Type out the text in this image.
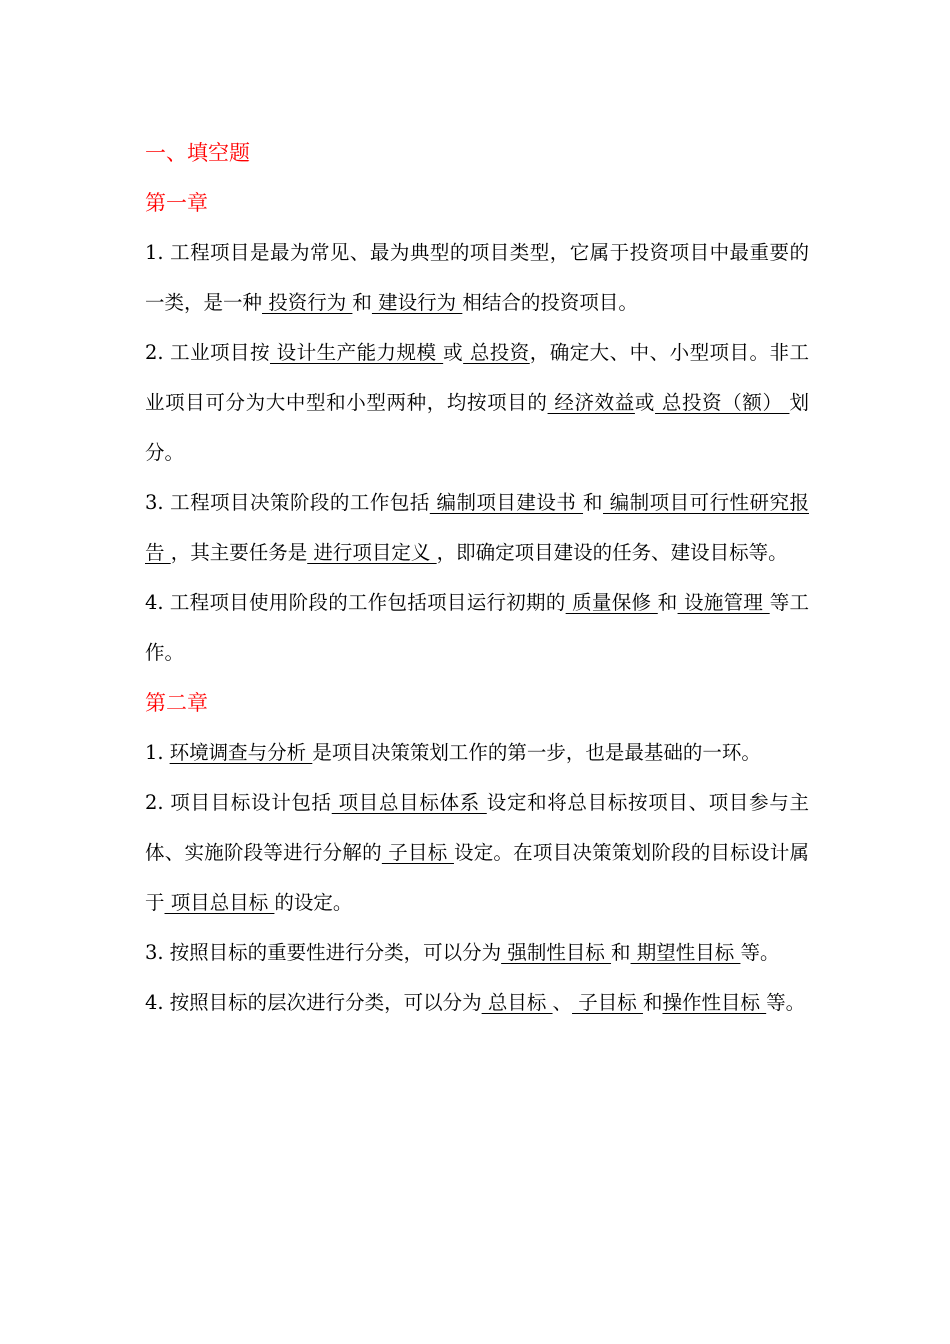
一、填空题
第一章

1. 工程项目是最为常见、最为典型的项目类型，它属于投资项目中最重要的一类，是一种 投资行为 和 建设行为 相结合的投资项目。

2. 工业项目按 设计生产能力规模 或 总投资，确定大、中、小型项目。非工业项目可分为大中型和小型两种，均按项目的 经济效益或 总投资（额） 划分。

3. 工程项目决策阶段的工作包括 编制项目建设书 和 编制项目可行性研究报告 ，其主要任务是 进行项目定义 ，即确定项目建设的任务、建设目标等。

4. 工程项目使用阶段的工作包括项目运行初期的 质量保修 和 设施管理 等工作。

第二章

1. 环境调查与分析 是项目决策策划工作的第一步，也是最基础的一环。

2. 项目目标设计包括 项目总目标体系 设定和将总目标按项目、项目参与主体、实施阶段等进行分解的 子目标 设定。在项目决策策划阶段的目标设计属于 项目总目标 的设定。

3. 按照目标的重要性进行分类，可以分为 强制性目标 和 期望性目标 等。

4. 按照目标的层次进行分类，可以分为 总目标 、 子目标 和操作性目标 等。
